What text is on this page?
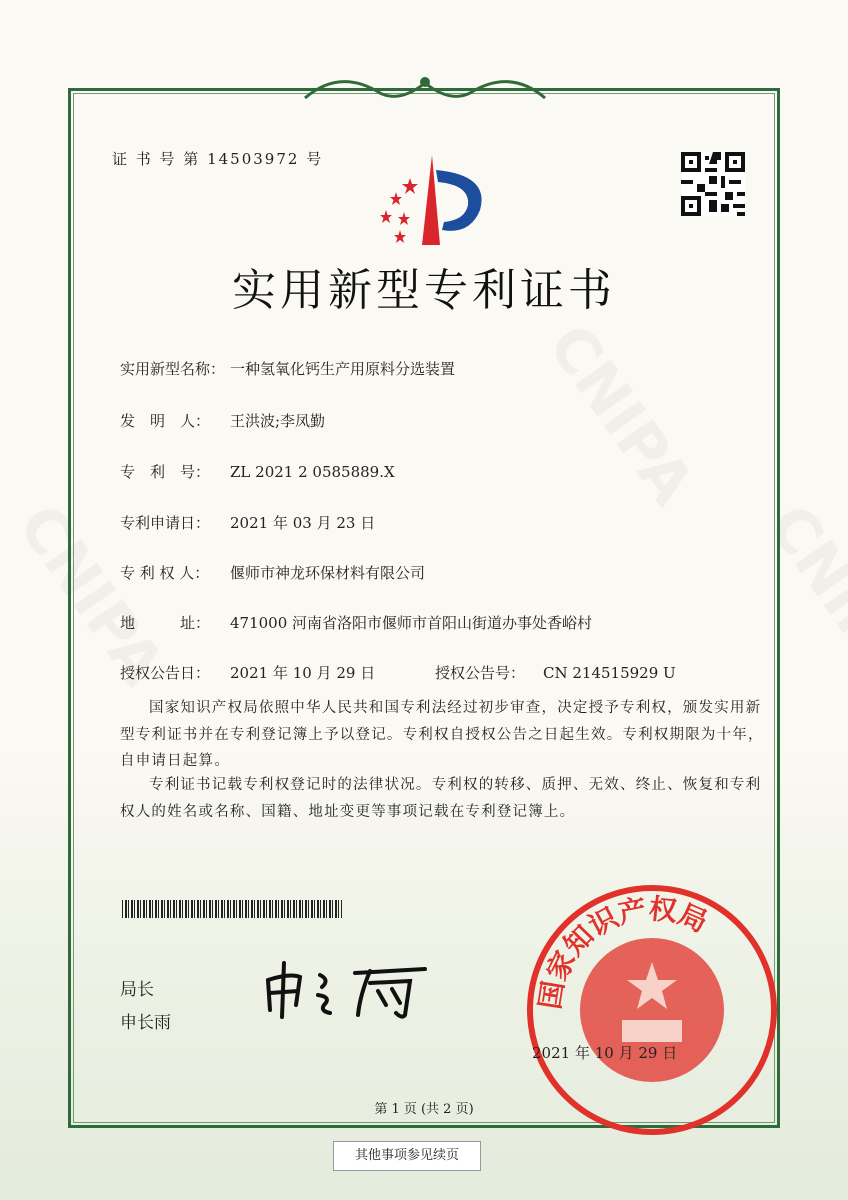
证 书 号 第 14503972 号
实用新型专利证书
实用新型名称： 一种氢氧化钙生产用原料分选装置
发　明　人： 王洪波;李凤勤
专　利　号： ZL 2021 2 0585889.X
专利申请日： 2021 年 03 月 23 日
专 利 权 人： 偃师市神龙环保材料有限公司
地　　　址： 471000 河南省洛阳市偃师市首阳山街道办事处香峪村
授权公告日： 2021 年 10 月 29 日	授权公告号： CN 214515929 U
国家知识产权局依照中华人民共和国专利法经过初步审查，决定授予专利权，颁发实用新型专利证书并在专利登记簿上予以登记。专利权自授权公告之日起生效。专利权期限为十年，自申请日起算。
专利证书记载专利权登记时的法律状况。专利权的转移、质押、无效、终止、恢复和专利权人的姓名或名称、国籍、地址变更等事项记载在专利登记簿上。
局长
申长雨
国家知识产权局
2021 年 10 月 29 日
第 1 页 (共 2 页)
其他事项参见续页
